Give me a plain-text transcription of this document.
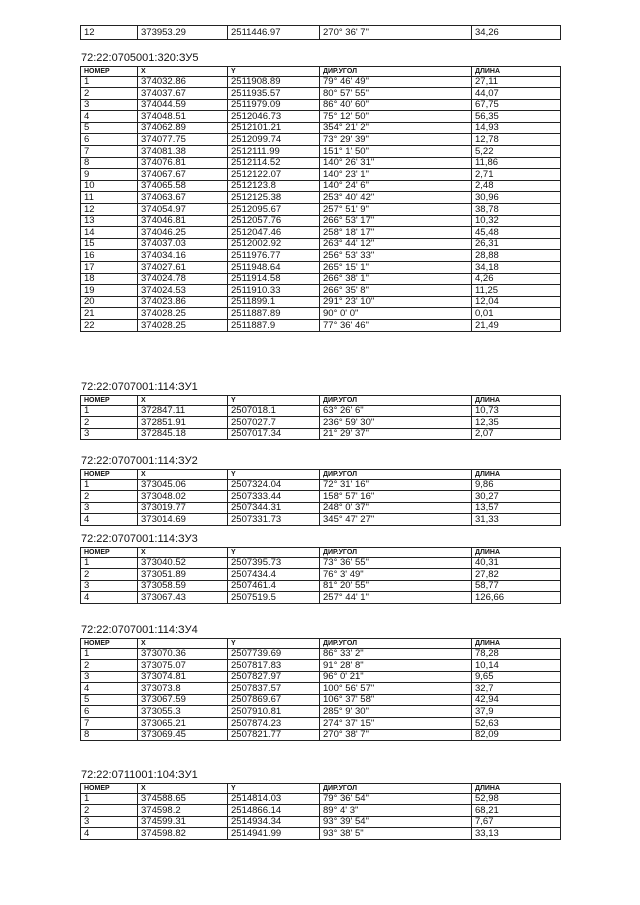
12	373953.29	2511446.97	270° 36' 7"	34,26
72:22:0705001:320:ЗУ5
НОМЕР	X	Y	ДИР.УГОЛ	ДЛИНА
1	374032.86	2511908.89	79° 46' 49"	27,11
2	374037.67	2511935.57	80° 57' 55"	44,07
3	374044.59	2511979.09	86° 40' 60"	67,75
4	374048.51	2512046.73	75° 12' 50"	56,35
5	374062.89	2512101.21	354° 21' 2"	14,93
6	374077.75	2512099.74	73° 29' 39"	12,78
7	374081.38	2512111.99	151° 1' 50"	5,22
8	374076.81	2512114.52	140° 26' 31"	11,86
9	374067.67	2512122.07	140° 23' 1"	2,71
10	374065.58	2512123.8	140° 24' 6"	2,48
11	374063.67	2512125.38	253° 40' 42"	30,96
12	374054.97	2512095.67	257° 51' 9"	38,78
13	374046.81	2512057.76	266° 53' 17"	10,32
14	374046.25	2512047.46	258° 18' 17"	45,48
15	374037.03	2512002.92	263° 44' 12"	26,31
16	374034.16	2511976.77	256° 53' 33"	28,88
17	374027.61	2511948.64	265° 15' 1"	34,18
18	374024.78	2511914.58	266° 38' 1"	4,26
19	374024.53	2511910.33	266° 35' 8"	11,25
20	374023.86	2511899.1	291° 23' 10"	12,04
21	374028.25	2511887.89	90° 0' 0"	0,01
22	374028.25	2511887.9	77° 36' 46"	21,49
72:22:0707001:114:ЗУ1
НОМЕР	X	Y	ДИР.УГОЛ	ДЛИНА
1	372847.11	2507018.1	63° 26' 6"	10,73
2	372851.91	2507027.7	236° 59' 30"	12,35
3	372845.18	2507017.34	21° 29' 37"	2,07
72:22:0707001:114:ЗУ2
НОМЕР	X	Y	ДИР.УГОЛ	ДЛИНА
1	373045.06	2507324.04	72° 31' 16"	9,86
2	373048.02	2507333.44	158° 57' 16"	30,27
3	373019.77	2507344.31	248° 0' 37"	13,57
4	373014.69	2507331.73	345° 47' 27"	31,33
72:22:0707001:114:ЗУ3
НОМЕР	X	Y	ДИР.УГОЛ	ДЛИНА
1	373040.52	2507395.73	73° 36' 55"	40,31
2	373051.89	2507434.4	76° 3' 49"	27,82
3	373058.59	2507461.4	81° 20' 55"	58,77
4	373067.43	2507519.5	257° 44' 1"	126,66
72:22:0707001:114:ЗУ4
НОМЕР	X	Y	ДИР.УГОЛ	ДЛИНА
1	373070.36	2507739.69	86° 33' 2"	78,28
2	373075.07	2507817.83	91° 28' 8"	10,14
3	373074.81	2507827.97	96° 0' 21"	9,65
4	373073.8	2507837.57	100° 56' 57"	32,7
5	373067.59	2507869.67	106° 37' 58"	42,94
6	373055.3	2507910.81	285° 9' 30"	37,9
7	373065.21	2507874.23	274° 37' 15"	52,63
8	373069.45	2507821.77	270° 38' 7"	82,09
72:22:0711001:104:ЗУ1
НОМЕР	X	Y	ДИР.УГОЛ	ДЛИНА
1	374588.65	2514814.03	79° 36' 54"	52,98
2	374598.2	2514866.14	89° 4' 3"	68,21
3	374599.31	2514934.34	93° 39' 54"	7,67
4	374598.82	2514941.99	93° 38' 5"	33,13
